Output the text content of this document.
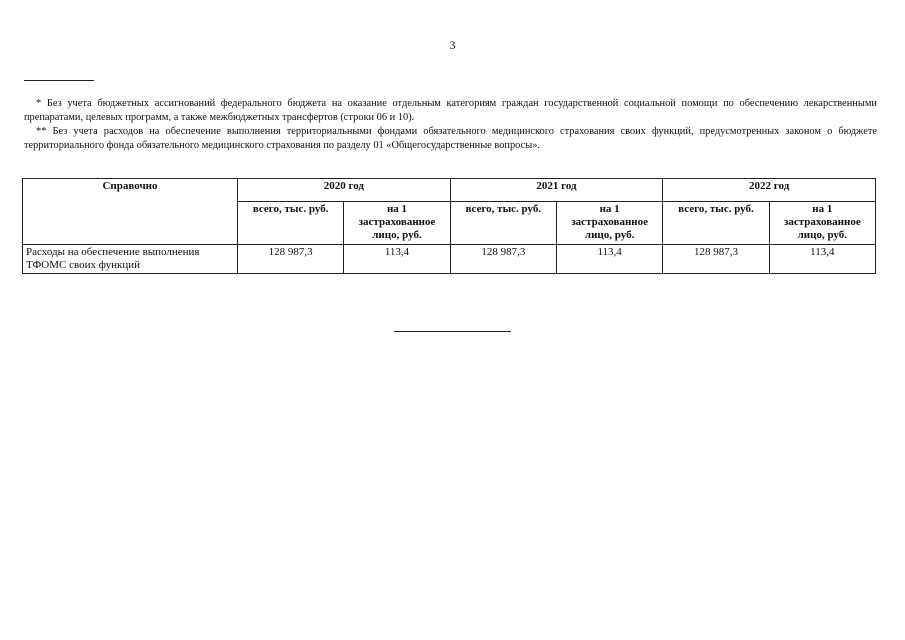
3

* Без учета бюджетных ассигнований федерального бюджета на оказание отдельным категориям граждан государственной социальной помощи по обеспечению лекарственными препаратами, целевых программ, а также межбюджетных трансфертов (строки 06 и 10).

** Без учета расходов на обеспечение выполнения территориальными фондами обязательного медицинского страхования своих функций, предусмотренных законом о бюджете территориального фонда обязательного медицинского страхования по разделу 01 «Общегосударственные вопросы».

Справочно	2020 год		2021 год		2022 год	
	всего, тыс. руб.	на 1 застрахованное лицо, руб.	всего, тыс. руб.	на 1 застрахованное лицо, руб.	всего, тыс. руб.	на 1 застрахованное лицо, руб.
Расходы на обеспечение выполнения ТФОМС своих функций	128 987,3	113,4	128 987,3	113,4	128 987,3	113,4
